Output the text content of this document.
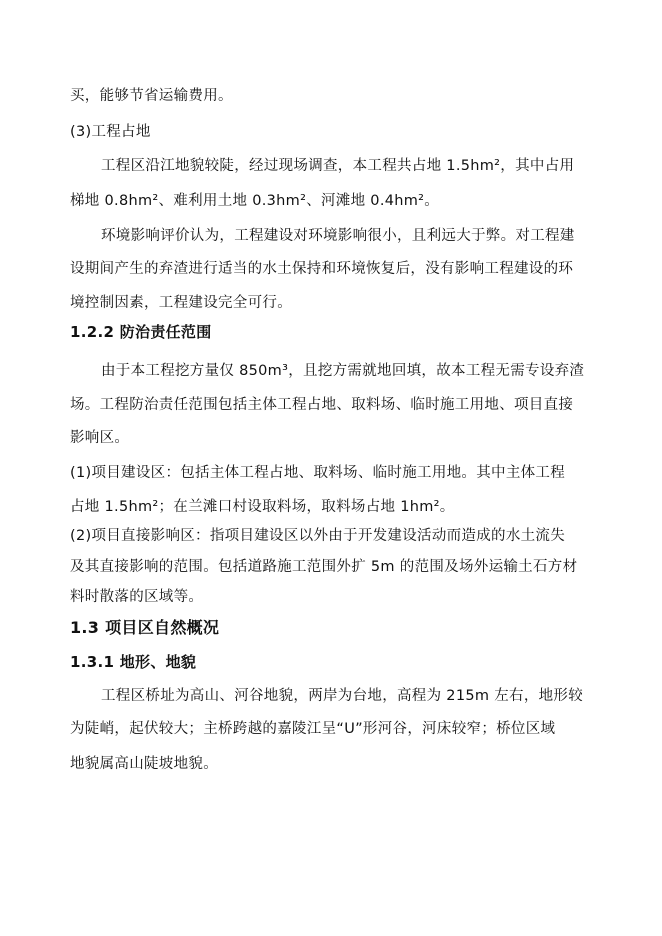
买，能够节省运输费用。
(3)工程占地
工程区沿江地貌较陡，经过现场调查，本工程共占地 1.5hm²，其中占用
梯地 0.8hm²、难利用土地 0.3hm²、河滩地 0.4hm²。
环境影响评价认为，工程建设对环境影响很小，且利远大于弊。对工程建
设期间产生的弃渣进行适当的水土保持和环境恢复后，没有影响工程建设的环
境控制因素，工程建设完全可行。
1.2.2 防治责任范围
由于本工程挖方量仅 850m³，且挖方需就地回填，故本工程无需专设弃渣
场。工程防治责任范围包括主体工程占地、取料场、临时施工用地、项目直接
影响区。
(1)项目建设区：包括主体工程占地、取料场、临时施工用地。其中主体工程
占地 1.5hm²；在兰滩口村设取料场，取料场占地 1hm²。
(2)项目直接影响区：指项目建设区以外由于开发建设活动而造成的水土流失
及其直接影响的范围。包括道路施工范围外扩 5m 的范围及场外运输土石方材
料时散落的区域等。
1.3 项目区自然概况
1.3.1 地形、地貌
工程区桥址为高山、河谷地貌，两岸为台地，高程为 215m 左右，地形较
为陡峭，起伏较大；主桥跨越的嘉陵江呈“U”形河谷，河床较窄；桥位区域
地貌属高山陡坡地貌。
